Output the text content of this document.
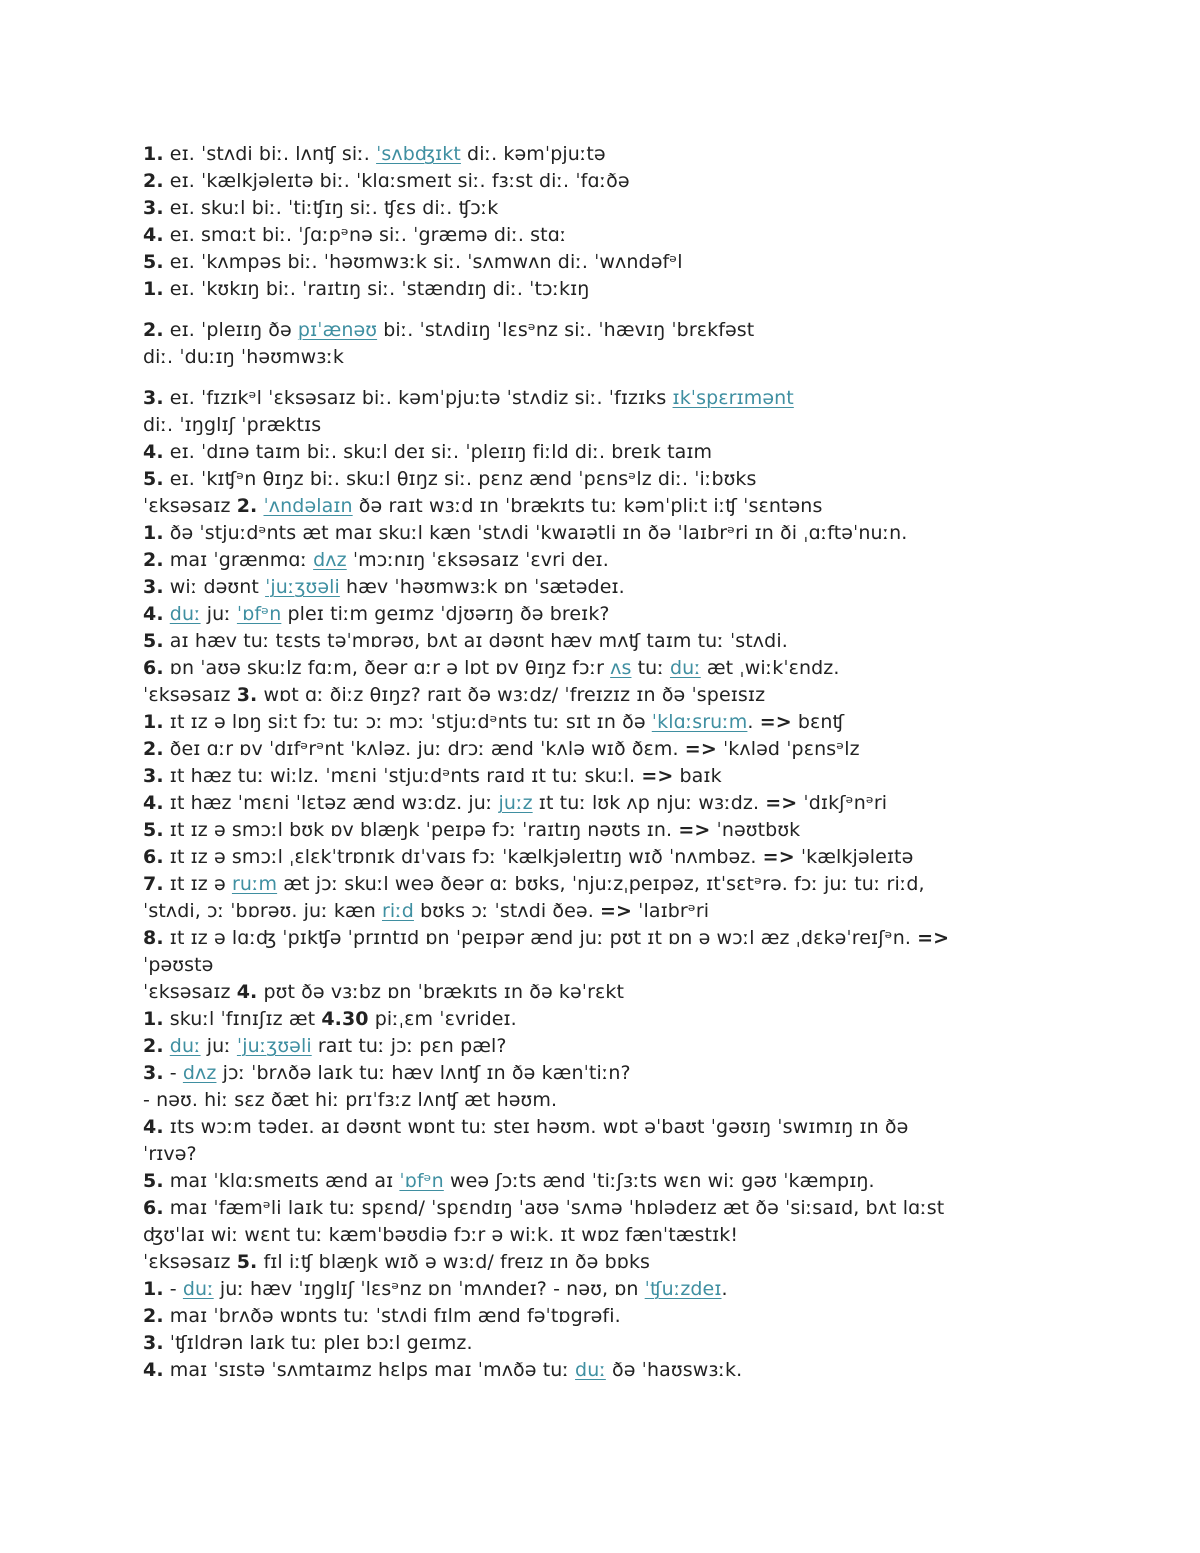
1. eɪ. ˈstʌdi biː. lʌnʧ siː. ˈsʌbʤɪkt diː. kəmˈpjuːtə
2. eɪ. ˈkælkjəleɪtə biː. ˈklɑːsmeɪt siː. fɜːst diː. ˈfɑːðə
3. eɪ. skuːl biː. ˈtiːʧɪŋ siː. ʧɛs diː. ʧɔːk
4. eɪ. smɑːt biː. ˈʃɑːpᵊnə siː. ˈgræmə diː. stɑː
5. eɪ. ˈkʌmpəs biː. ˈhəʊmwɜːk siː. ˈsʌmwʌn diː. ˈwʌndəfᵊl
1. eɪ. ˈkʊkɪŋ biː. ˈraɪtɪŋ siː. ˈstændɪŋ diː. ˈtɔːkɪŋ
2. eɪ. ˈpleɪɪŋ ðə pɪˈænəʊ biː. ˈstʌdiɪŋ ˈlɛsᵊnz siː. ˈhævɪŋ ˈbrɛkfəst
diː. ˈduːɪŋ ˈhəʊmwɜːk
3. eɪ. ˈfɪzɪkᵊl ˈɛksəsaɪz biː. kəmˈpjuːtə ˈstʌdiz siː. ˈfɪzɪks ɪkˈspɛrɪmənt
diː. ˈɪŋglɪʃ ˈpræktɪs
4. eɪ. ˈdɪnə taɪm biː. skuːl deɪ siː. ˈpleɪɪŋ fiːld diː. breɪk taɪm
5. eɪ. ˈkɪʧᵊn θɪŋz biː. skuːl θɪŋz siː. pɛnz ænd ˈpɛnsᵊlz diː. ˈiːbʊks
ˈɛksəsaɪz 2. ˈʌndəlaɪn ðə raɪt wɜːd ɪn ˈbrækɪts tuː kəmˈpliːt iːʧ ˈsɛntəns
1. ðə ˈstjuːdᵊnts æt maɪ skuːl kæn ˈstʌdi ˈkwaɪətli ɪn ðə ˈlaɪbrᵊri ɪn ði ˌɑːftəˈnuːn.
2. maɪ ˈgrænmɑː dʌz ˈmɔːnɪŋ ˈɛksəsaɪz ˈɛvri deɪ.
3. wiː dəʊnt ˈjuːʒʊəli hæv ˈhəʊmwɜːk ɒn ˈsætədeɪ.
4. duː juː ˈɒfᵊn pleɪ tiːm geɪmz ˈdjʊərɪŋ ðə breɪk?
5. aɪ hæv tuː tɛsts təˈmɒrəʊ, bʌt aɪ dəʊnt hæv mʌʧ taɪm tuː ˈstʌdi.
6. ɒn ˈaʊə skuːlz fɑːm, ðeər ɑːr ə lɒt ɒv θɪŋz fɔːr ʌs tuː duː æt ˌwiːkˈɛndz.
ˈɛksəsaɪz 3. wɒt ɑː ðiːz θɪŋz? raɪt ðə wɜːdz/ ˈfreɪzɪz ɪn ðə ˈspeɪsɪz
1. ɪt ɪz ə lɒŋ siːt fɔː tuː ɔː mɔː ˈstjuːdᵊnts tuː sɪt ɪn ðə ˈklɑːsruːm. => bɛnʧ
2. ðeɪ ɑːr ɒv ˈdɪfᵊrᵊnt ˈkʌləz. juː drɔː ænd ˈkʌlə wɪð ðɛm. => ˈkʌləd ˈpɛnsᵊlz
3. ɪt hæz tuː wiːlz. ˈmɛni ˈstjuːdᵊnts raɪd ɪt tuː skuːl. => baɪk
4. ɪt hæz ˈmɛni ˈlɛtəz ænd wɜːdz. juː juːz ɪt tuː lʊk ʌp njuː wɜːdz. => ˈdɪkʃᵊnᵊri
5. ɪt ɪz ə smɔːl bʊk ɒv blæŋk ˈpeɪpə fɔː ˈraɪtɪŋ nəʊts ɪn. => ˈnəʊtbʊk
6. ɪt ɪz ə smɔːl ˌɛlɛkˈtrɒnɪk dɪˈvaɪs fɔː ˈkælkjəleɪtɪŋ wɪð ˈnʌmbəz. => ˈkælkjəleɪtə
7. ɪt ɪz ə ruːm æt jɔː skuːl weə ðeər ɑː bʊks, ˈnjuːzˌpeɪpəz, ɪtˈsɛtᵊrə. fɔː juː tuː riːd,
ˈstʌdi, ɔː ˈbɒrəʊ. juː kæn riːd bʊks ɔː ˈstʌdi ðeə. => ˈlaɪbrᵊri
8. ɪt ɪz ə lɑːʤ ˈpɪkʧə ˈprɪntɪd ɒn ˈpeɪpər ænd juː pʊt ɪt ɒn ə wɔːl æz ˌdɛkəˈreɪʃᵊn. =>
ˈpəʊstə
ˈɛksəsaɪz 4. pʊt ðə vɜːbz ɒn ˈbrækɪts ɪn ðə kəˈrɛkt
1. skuːl ˈfɪnɪʃɪz æt 4.30 piːˌɛm ˈɛvrideɪ.
2. duː juː ˈjuːʒʊəli raɪt tuː jɔː pɛn pæl?
3. - dʌz jɔː ˈbrʌðə laɪk tuː hæv lʌnʧ ɪn ðə kænˈtiːn?
- nəʊ. hiː sɛz ðæt hiː prɪˈfɜːz lʌnʧ æt həʊm.
4. ɪts wɔːm tədeɪ. aɪ dəʊnt wɒnt tuː steɪ həʊm. wɒt əˈbaʊt ˈgəʊɪŋ ˈswɪmɪŋ ɪn ðə
ˈrɪvə?
5. maɪ ˈklɑːsmeɪts ænd aɪ ˈɒfᵊn weə ʃɔːts ænd ˈtiːʃɜːts wɛn wiː gəʊ ˈkæmpɪŋ.
6. maɪ ˈfæmᵊli laɪk tuː spɛnd/ ˈspɛndɪŋ ˈaʊə ˈsʌmə ˈhɒlədeɪz æt ðə ˈsiːsaɪd, bʌt lɑːst
ʤʊˈlaɪ wiː wɛnt tuː kæmˈbəʊdiə fɔːr ə wiːk. ɪt wɒz fænˈtæstɪk!
ˈɛksəsaɪz 5. fɪl iːʧ blæŋk wɪð ə wɜːd/ freɪz ɪn ðə bɒks
1. - duː juː hæv ˈɪŋglɪʃ ˈlɛsᵊnz ɒn ˈmʌndeɪ? - nəʊ, ɒn ˈʧuːzdeɪ.
2. maɪ ˈbrʌðə wɒnts tuː ˈstʌdi fɪlm ænd fəˈtɒgrəfi.
3. ˈʧɪldrən laɪk tuː pleɪ bɔːl geɪmz.
4. maɪ ˈsɪstə ˈsʌmtaɪmz hɛlps maɪ ˈmʌðə tuː duː ðə ˈhaʊswɜːk.
